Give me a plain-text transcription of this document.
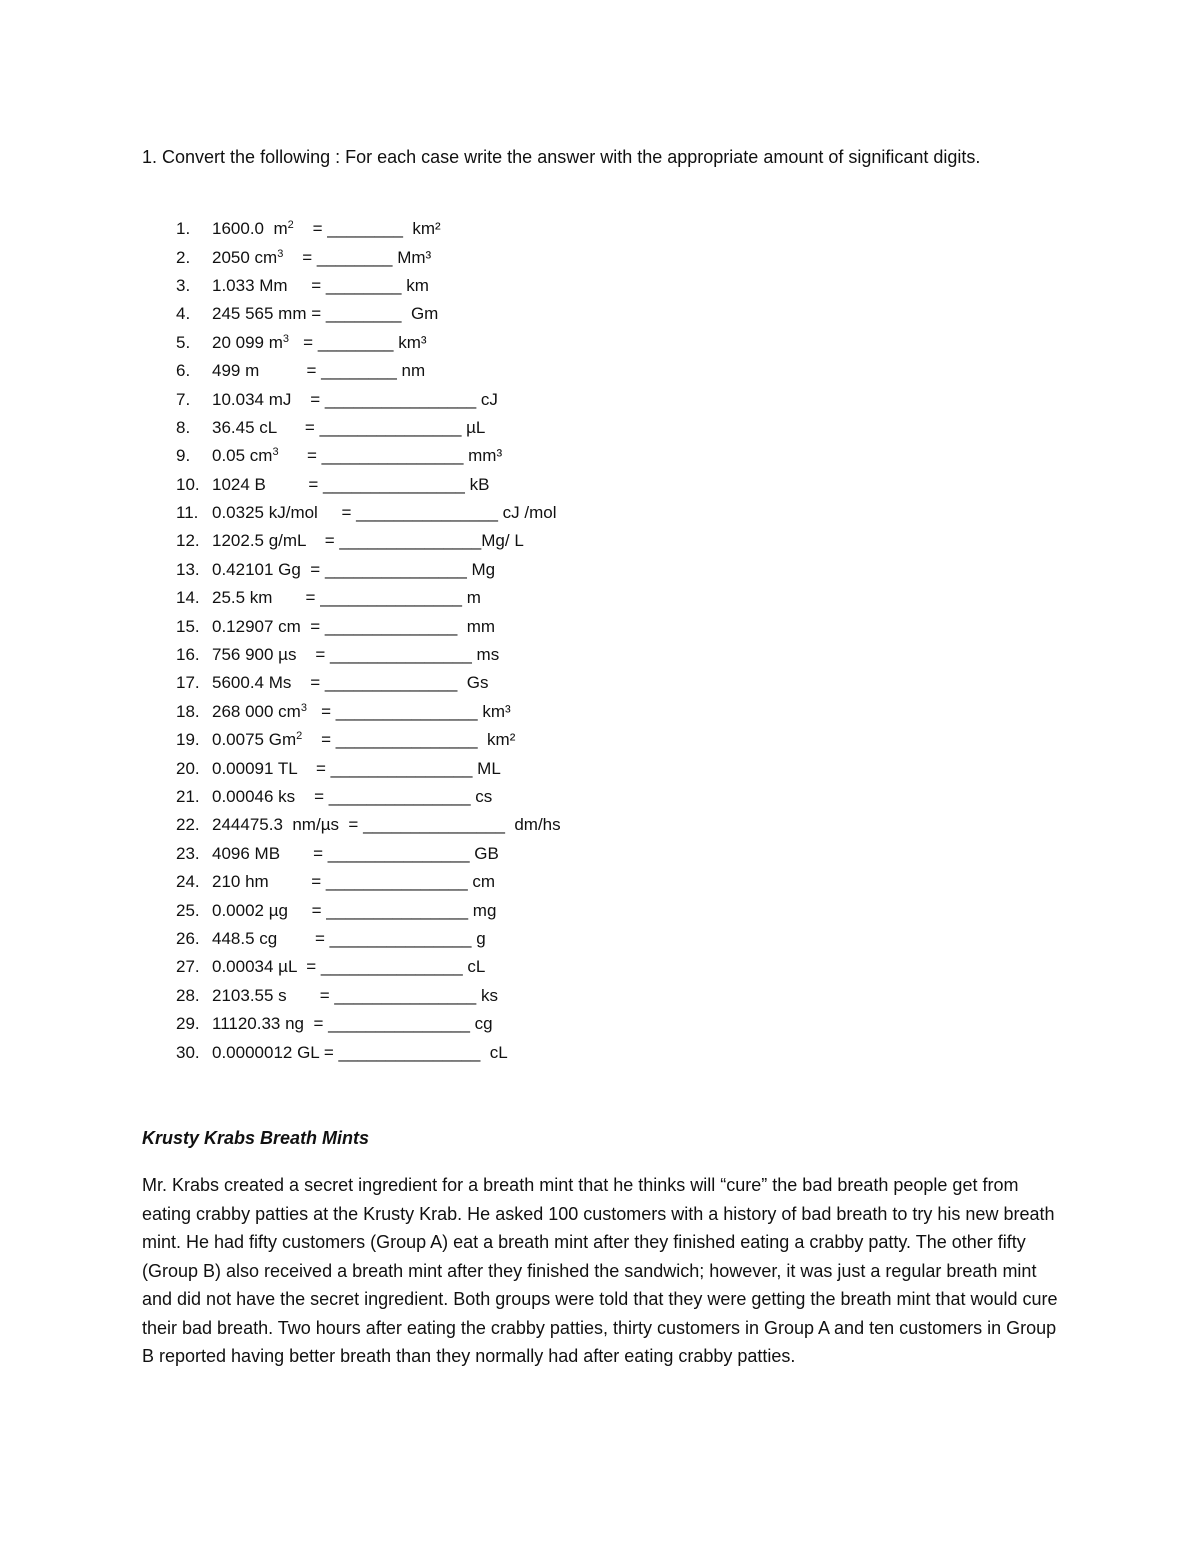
1. Convert the following : For each case write the answer with the appropriate amount of significant digits.

1.	1600.0  $m^2$    = ________  km²
2.	2050 $cm^3$    = ________ Mm³
3.	1.033 Mm     = ________ km
4.	245 565 mm = ________  Gm
5.	20 099 $m^3$   = ________ km³
6.	499 m          = ________ nm
7.	10.034 mJ    = ________________ cJ
8.	36.45 cL      = _______________ µL
9.	0.05 $cm^3$      = _______________ mm³
10. 1024 B         = _______________ kB
11. 0.0325 kJ/mol     = _______________ cJ /mol
12. 1202.5 g/mL    = _______________Mg/ L
13. 0.42101 Gg  = _______________ Mg
14. 25.5 km       = _______________ m
15. 0.12907 cm  = ______________  mm
16. 756 900 µs    = _______________ ms
17. 5600.4 Ms    = ______________  Gs
18. 268 000 $cm^3$   = _______________ km³
19. 0.0075 Gm$^2$    = _______________  km²
20. 0.00091 TL    = _______________ ML
21. 0.00046 ks    = _______________ cs
22. 244475.3  nm/µs  = _______________  dm/hs
23. 4096 MB       = _______________ GB
24. 210 hm         = _______________ cm
25. 0.0002 µg     = _______________ mg
26. 448.5 cg        = _______________ g
27. 0.00034 µL  = _______________ cL
28. 2103.55 s       = _______________ ks
29. 11120.33 ng  = _______________ cg
30. 0.0000012 GL = _______________  cL
Krusty Krabs Breath Mints

Mr. Krabs created a secret ingredient for a breath mint that he thinks will “cure” the bad breath people get from eating crabby patties at the Krusty Krab. He asked 100 customers with a history of bad breath to try his new breath mint. He had fifty customers (Group A) eat a breath mint after they finished eating a crabby patty. The other fifty (Group B) also received a breath mint after they finished the sandwich; however, it was just a regular breath mint and did not have the secret ingredient. Both groups were told that they were getting the breath mint that would cure their bad breath. Two hours after eating the crabby patties, thirty customers in Group A and ten customers in Group B reported having better breath than they normally had after eating crabby patties.
